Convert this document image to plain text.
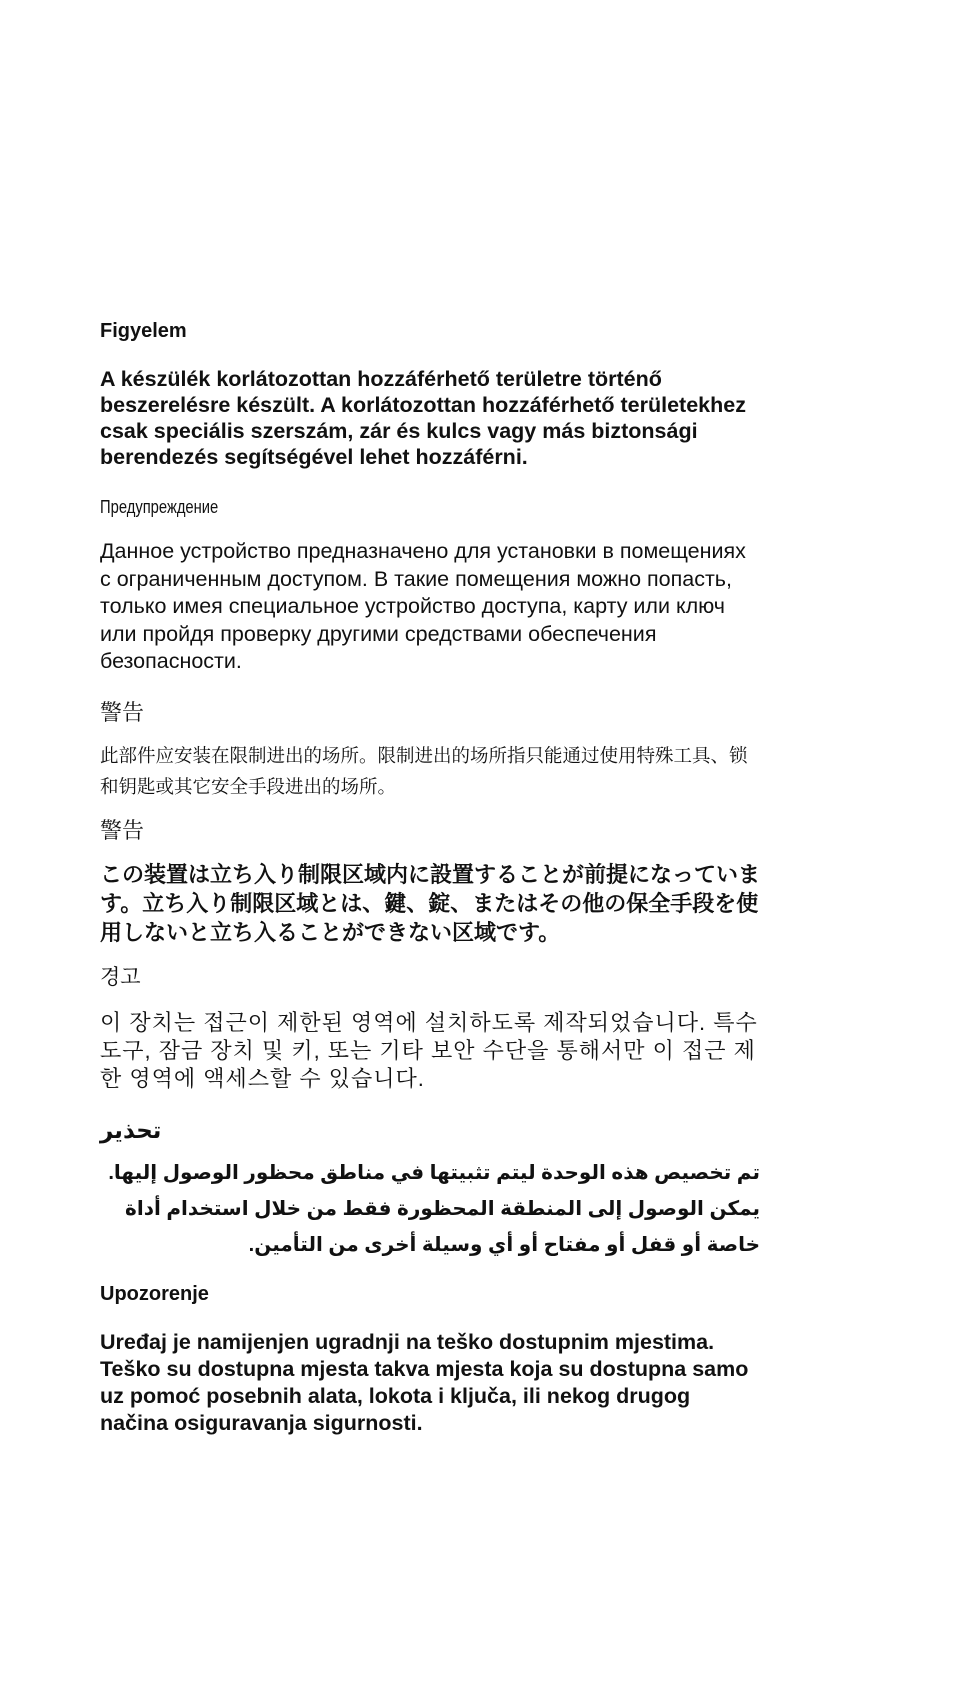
Figyelem

A készülék korlátozottan hozzáférhető területre történő beszerelésre készült. A korlátozottan hozzáférhető területekhez csak speciális szerszám, zár és kulcs vagy más biztonsági berendezés segítségével lehet hozzáférni.

Предупреждение

Данное устройство предназначено для установки в помещениях с ограниченным доступом. В такие помещения можно попасть, только имея специальное устройство доступа, карту или ключ или пройдя проверку другими средствами обеспечения безопасности.

警告

此部件应安装在限制进出的场所。限制进出的场所指只能通过使用特殊工具、锁和钥匙或其它安全手段进出的场所。

警告

この装置は立ち入り制限区域内に設置することが前提になっています。立ち入り制限区域とは、鍵、錠、またはその他の保全手段を使用しないと立ち入ることができない区域です。

경고

이 장치는 접근이 제한된 영역에 설치하도록 제작되었습니다. 특수 도구, 잠금 장치 및 키, 또는 기타 보안 수단을 통해서만 이 접근 제한 영역에 액세스할 수 있습니다.

تحذير

تم تخصيص هذه الوحدة ليتم تثبيتها في مناطق محظور الوصول إليها. يمكن الوصول إلى المنطقة المحظورة فقط من خلال استخدام أداة خاصة أو قفل أو مفتاح أو أي وسيلة أخرى من التأمين.

Upozorenje

Uređaj je namijenjen ugradnji na teško dostupnim mjestima. Teško su dostupna mjesta takva mjesta koja su dostupna samo uz pomoć posebnih alata, lokota i ključa, ili nekog drugog načina osiguravanja sigurnosti.
